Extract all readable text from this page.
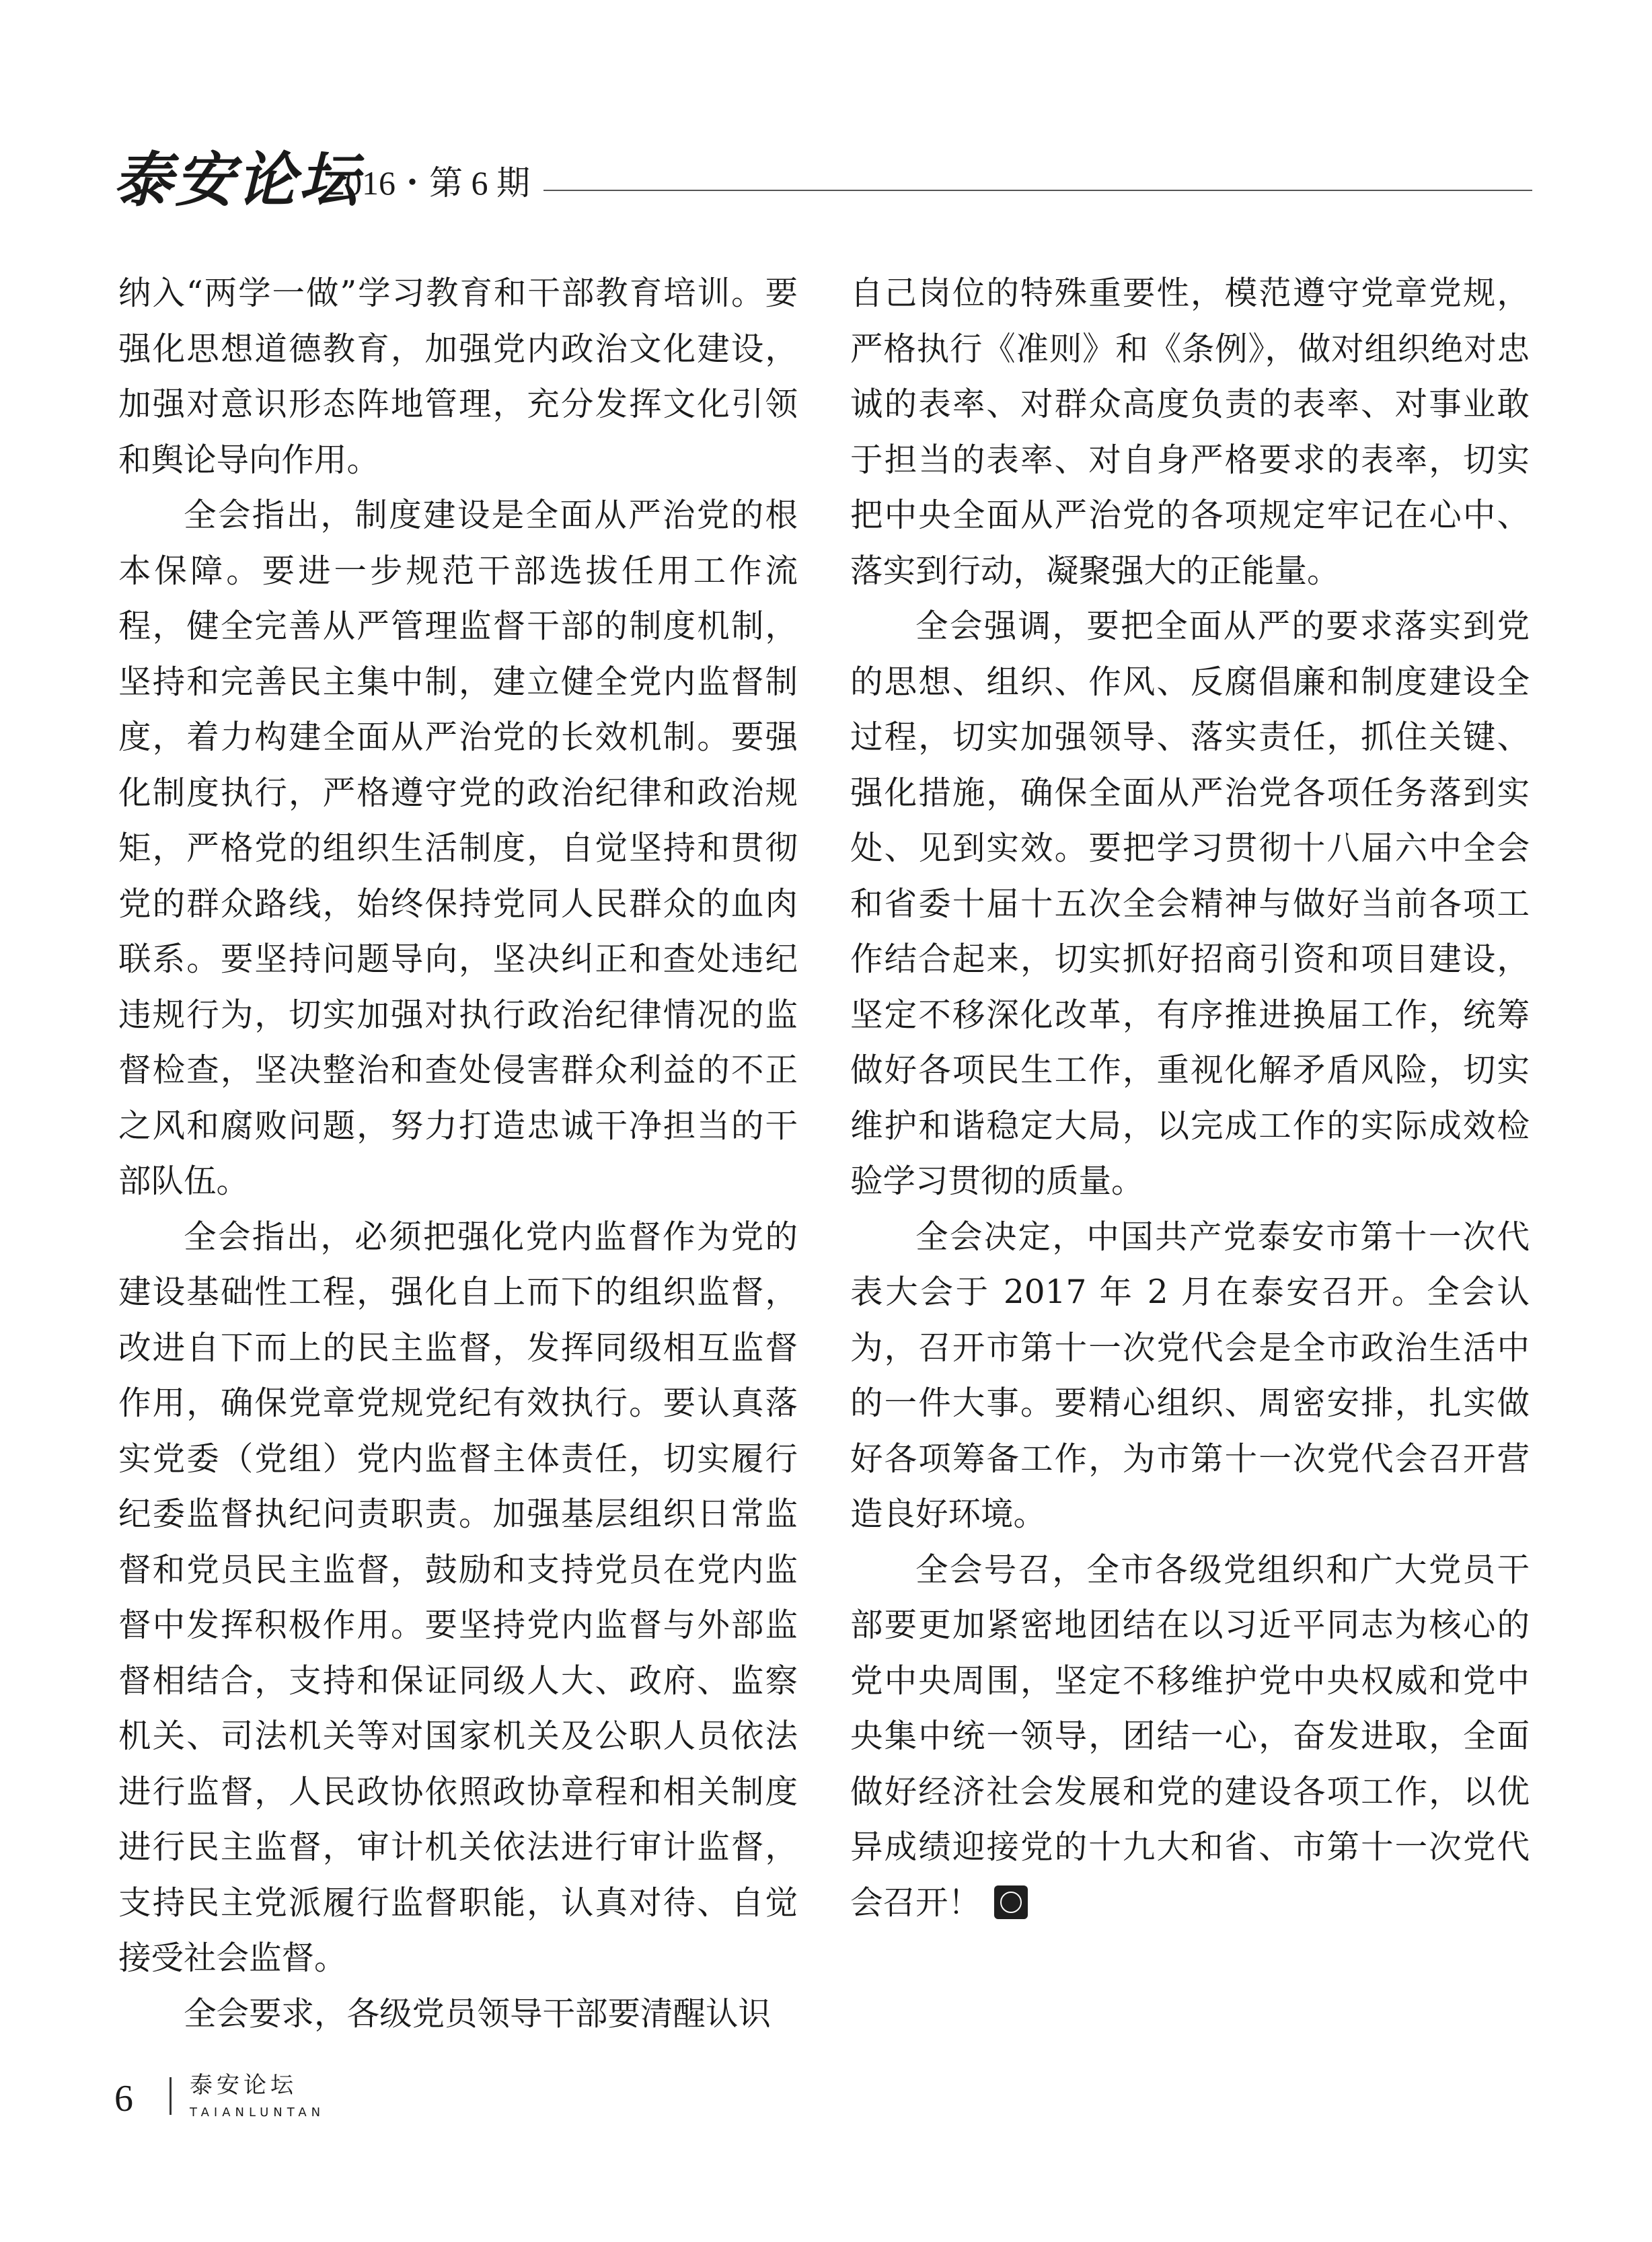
泰安论坛
2016・第 6 期

纳入“两学一做”学习教育和干部教育培训。要强化思想道德教育，加强党内政治文化建设，加强对意识形态阵地管理，充分发挥文化引领和舆论导向作用。

全会指出，制度建设是全面从严治党的根本保障。要进一步规范干部选拔任用工作流程，健全完善从严管理监督干部的制度机制，坚持和完善民主集中制，建立健全党内监督制度，着力构建全面从严治党的长效机制。要强化制度执行，严格遵守党的政治纪律和政治规矩，严格党的组织生活制度，自觉坚持和贯彻党的群众路线，始终保持党同人民群众的血肉联系。要坚持问题导向，坚决纠正和查处违纪违规行为，切实加强对执行政治纪律情况的监督检查，坚决整治和查处侵害群众利益的不正之风和腐败问题，努力打造忠诚干净担当的干部队伍。

全会指出，必须把强化党内监督作为党的建设基础性工程，强化自上而下的组织监督，改进自下而上的民主监督，发挥同级相互监督作用，确保党章党规党纪有效执行。要认真落实党委（党组）党内监督主体责任，切实履行纪委监督执纪问责职责。加强基层组织日常监督和党员民主监督，鼓励和支持党员在党内监督中发挥积极作用。要坚持党内监督与外部监督相结合，支持和保证同级人大、政府、监察机关、司法机关等对国家机关及公职人员依法进行监督，人民政协依照政协章程和相关制度进行民主监督，审计机关依法进行审计监督，支持民主党派履行监督职能，认真对待、自觉接受社会监督。

全会要求，各级党员领导干部要清醒认识

自己岗位的特殊重要性，模范遵守党章党规，严格执行《准则》和《条例》，做对组织绝对忠诚的表率、对群众高度负责的表率、对事业敢于担当的表率、对自身严格要求的表率，切实把中央全面从严治党的各项规定牢记在心中、落实到行动，凝聚强大的正能量。

全会强调，要把全面从严的要求落实到党的思想、组织、作风、反腐倡廉和制度建设全过程，切实加强领导、落实责任，抓住关键、强化措施，确保全面从严治党各项任务落到实处、见到实效。要把学习贯彻十八届六中全会和省委十届十五次全会精神与做好当前各项工作结合起来，切实抓好招商引资和项目建设，坚定不移深化改革，有序推进换届工作，统筹做好各项民生工作，重视化解矛盾风险，切实维护和谐稳定大局，以完成工作的实际成效检验学习贯彻的质量。

全会决定，中国共产党泰安市第十一次代表大会于 2017 年 2 月在泰安召开。全会认为，召开市第十一次党代会是全市政治生活中的一件大事。要精心组织、周密安排，扎实做好各项筹备工作，为市第十一次党代会召开营造良好环境。

全会号召，全市各级党组织和广大党员干部要更加紧密地团结在以习近平同志为核心的党中央周围，坚定不移维护党中央权威和党中央集中统一领导，团结一心，奋发进取，全面做好经济社会发展和党的建设各项工作，以优异成绩迎接党的十九大和省、市第十一次党代会召开！

6 泰安论坛
TAIANLUNTAN
